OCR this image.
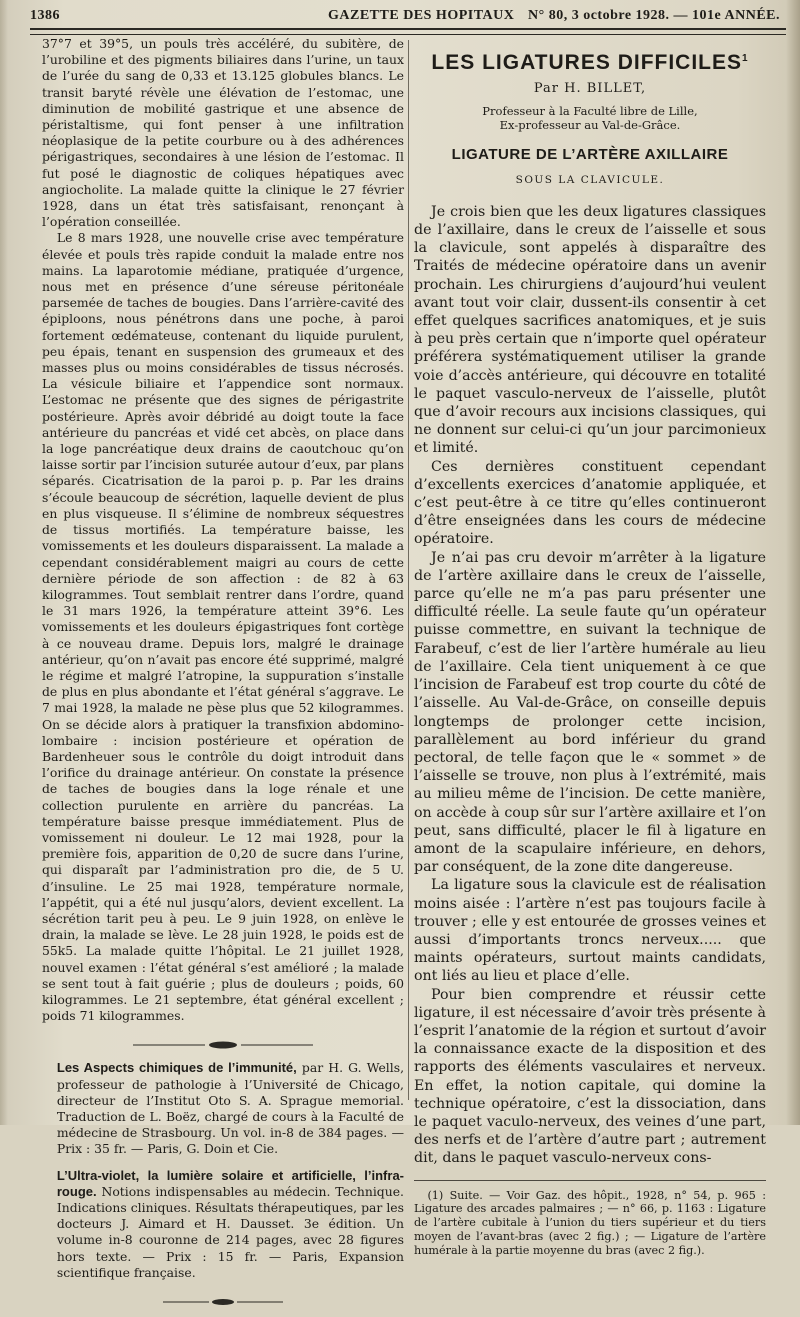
1386	GAZETTE DES HOPITAUX N° 80, 3 octobre 1928. — 101e ANNÉE.

37°7 et 39°5, un pouls très accéléré, du subitère, de l’urobiline et des pigments biliaires dans l’urine, un taux de l’urée du sang de 0,33 et 13.125 globules blancs. Le transit baryté révèle une élévation de l’estomac, une diminution de mobilité gastrique et une absence de péristaltisme, qui font penser à une infiltration néoplasique de la petite courbure ou à des adhérences périgastriques, secondaires à une lésion de l’estomac. Il fut posé le diagnostic de coliques hépatiques avec angiocholite. La malade quitte la clinique le 27 février 1928, dans un état très satisfaisant, renonçant à l’opération conseillée.

Le 8 mars 1928, une nouvelle crise avec température élevée et pouls très rapide conduit la malade entre nos mains. La laparotomie médiane, pratiquée d’urgence, nous met en présence d’une séreuse péritonéale parsemée de taches de bougies. Dans l’arrière-cavité des épiploons, nous pénétrons dans une poche, à paroi fortement œdémateuse, contenant du liquide purulent, peu épais, tenant en suspension des grumeaux et des masses plus ou moins considérables de tissus nécrosés. La vésicule biliaire et l’appendice sont normaux. L’estomac ne présente que des signes de périgastrite postérieure. Après avoir débridé au doigt toute la face antérieure du pancréas et vidé cet abcès, on place dans la loge pancréatique deux drains de caoutchouc qu’on laisse sortir par l’incision suturée autour d’eux, par plans séparés. Cicatrisation de la paroi p. p. Par les drains s’écoule beaucoup de sécrétion, laquelle devient de plus en plus visqueuse. Il s’élimine de nombreux séquestres de tissus mortifiés. La température baisse, les vomissements et les douleurs disparaissent. La malade a cependant considérablement maigri au cours de cette dernière période de son affection : de 82 à 63 kilogrammes. Tout semblait rentrer dans l’ordre, quand le 31 mars 1926, la température atteint 39°6. Les vomissements et les douleurs épigastriques font cortège à ce nouveau drame. Depuis lors, malgré le drainage antérieur, qu’on n’avait pas encore été supprimé, malgré le régime et malgré l’atropine, la suppuration s’installe de plus en plus abondante et l’état général s’aggrave. Le 7 mai 1928, la malade ne pèse plus que 52 kilogrammes. On se décide alors à pratiquer la transfixion abdomino-lombaire : incision postérieure et opération de Bardenheuer sous le contrôle du doigt introduit dans l’orifice du drainage antérieur. On constate la présence de taches de bougies dans la loge rénale et une collection purulente en arrière du pancréas. La température baisse presque immédiatement. Plus de vomissement ni douleur. Le 12 mai 1928, pour la première fois, apparition de 0,20 de sucre dans l’urine, qui disparaît par l’administration pro die, de 5 U. d’insuline. Le 25 mai 1928, température normale, l’appétit, qui a été nul jusqu’alors, devient excellent. La sécrétion tarit peu à peu. Le 9 juin 1928, on enlève le drain, la malade se lève. Le 28 juin 1928, le poids est de 55k5. La malade quitte l’hôpital. Le 21 juillet 1928, nouvel examen : l’état général s’est amélioré ; la malade se sent tout à fait guérie ; plus de douleurs ; poids, 60 kilogrammes. Le 21 septembre, état général excellent ; poids 71 kilogrammes.

Les Aspects chimiques de l’immunité, par H. G. Wells, professeur de pathologie à l’Université de Chicago, directeur de l’Institut Oto S. A. Sprague memorial. Traduction de L. Boëz, chargé de cours à la Faculté de médecine de Strasbourg. Un vol. in-8 de 384 pages. — Prix : 35 fr. — Paris, G. Doin et Cie.

L’Ultra-violet, la lumière solaire et artificielle, l’infra-rouge. Notions indispensables au médecin. Technique. Indications cliniques. Résultats thérapeutiques, par les docteurs J. Aimard et H. Dausset. 3e édition. Un volume in-8 couronne de 214 pages, avec 28 figures hors texte. — Prix : 15 fr. — Paris, Expansion scientifique française.

LES LIGATURES DIFFICILES$^1$
Par H. BILLET,
Professeur à la Faculté libre de Lille,
Ex-professeur au Val-de-Grâce.
LIGATURE DE L’ARTÈRE AXILLAIRE
SOUS LA CLAVICULE.

Je crois bien que les deux ligatures classiques de l’axillaire, dans le creux de l’aisselle et sous la clavicule, sont appelés à disparaître des Traités de médecine opératoire dans un avenir prochain. Les chirurgiens d’aujourd’hui veulent avant tout voir clair, dussent-ils consentir à cet effet quelques sacrifices anatomiques, et je suis à peu près certain que n’importe quel opérateur préférera systématiquement utiliser la grande voie d’accès antérieure, qui découvre en totalité le paquet vasculo-nerveux de l’aisselle, plutôt que d’avoir recours aux incisions classiques, qui ne donnent sur celui-ci qu’un jour parcimonieux et limité.

Ces dernières constituent cependant d’excellents exercices d’anatomie appliquée, et c’est peut-être à ce titre qu’elles continueront d’être enseignées dans les cours de médecine opératoire.

Je n’ai pas cru devoir m’arrêter à la ligature de l’artère axillaire dans le creux de l’aisselle, parce qu’elle ne m’a pas paru présenter une difficulté réelle. La seule faute qu’un opérateur puisse commettre, en suivant la technique de Farabeuf, c’est de lier l’artère humérale au lieu de l’axillaire. Cela tient uniquement à ce que l’incision de Farabeuf est trop courte du côté de l’aisselle. Au Val-de-Grâce, on conseille depuis longtemps de prolonger cette incision, parallèlement au bord inférieur du grand pectoral, de telle façon que le « sommet » de l’aisselle se trouve, non plus à l’extrémité, mais au milieu même de l’incision. De cette manière, on accède à coup sûr sur l’artère axillaire et l’on peut, sans difficulté, placer le fil à ligature en amont de la scapulaire inférieure, en dehors, par conséquent, de la zone dite dangereuse.

La ligature sous la clavicule est de réalisation moins aisée : l’artère n’est pas toujours facile à trouver ; elle y est entourée de grosses veines et aussi d’importants troncs nerveux..... que maints opérateurs, surtout maints candidats, ont liés au lieu et place d’elle.

Pour bien comprendre et réussir cette ligature, il est nécessaire d’avoir très présente à l’esprit l’anatomie de la région et surtout d’avoir la connaissance exacte de la disposition et des rapports des éléments vasculaires et nerveux. En effet, la notion capitale, qui domine la technique opératoire, c’est la dissociation, dans le paquet vaculo-nerveux, des veines d’une part, des nerfs et de l’artère d’autre part ; autrement dit, dans le paquet vasculo-nerveux cons-

(1) Suite. — Voir Gaz. des hôpit., 1928, n° 54, p. 965 : Ligature des arcades palmaires ; — n° 66, p. 1163 : Ligature de l’artère cubitale à l’union du tiers supérieur et du tiers moyen de l’avant-bras (avec 2 fig.) ; — Ligature de l’artère humérale à la partie moyenne du bras (avec 2 fig.).
